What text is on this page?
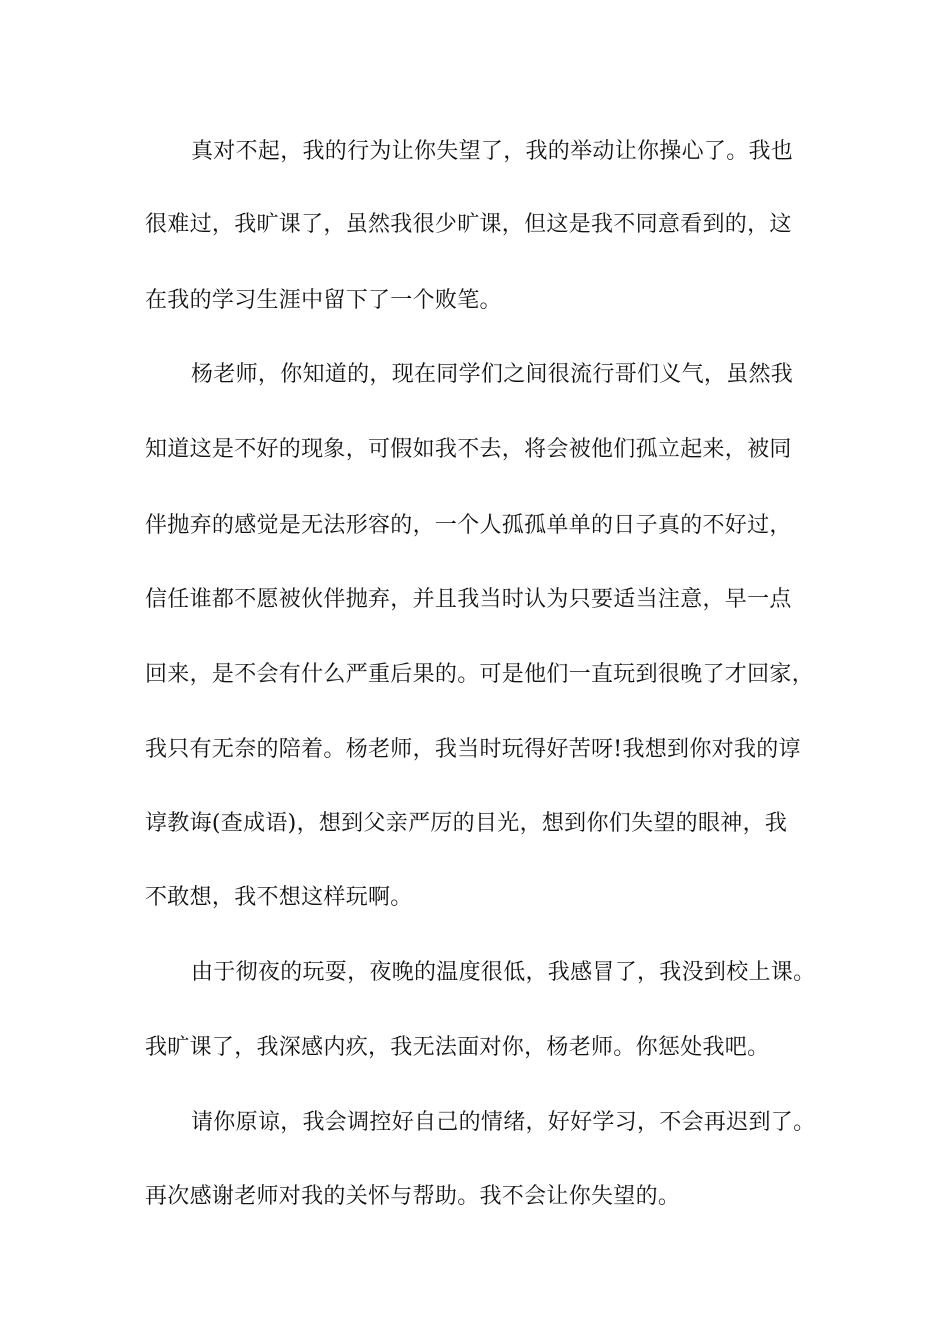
真对不起，我的行为让你失望了，我的举动让你操心了。我也
很难过，我旷课了，虽然我很少旷课，但这是我不同意看到的，这
在我的学习生涯中留下了一个败笔。
杨老师，你知道的，现在同学们之间很流行哥们义气，虽然我
知道这是不好的现象，可假如我不去，将会被他们孤立起来，被同
伴抛弃的感觉是无法形容的，一个人孤孤单单的日子真的不好过，
信任谁都不愿被伙伴抛弃，并且我当时认为只要适当注意，早一点
回来，是不会有什么严重后果的。可是他们一直玩到很晚了才回家，
我只有无奈的陪着。杨老师，我当时玩得好苦呀!我想到你对我的谆
谆教诲(查成语)，想到父亲严厉的目光，想到你们失望的眼神，我
不敢想，我不想这样玩啊。
由于彻夜的玩耍，夜晚的温度很低，我感冒了，我没到校上课。
我旷课了，我深感内疚，我无法面对你，杨老师。你惩处我吧。
请你原谅，我会调控好自己的情绪，好好学习，不会再迟到了。
再次感谢老师对我的关怀与帮助。我不会让你失望的。
